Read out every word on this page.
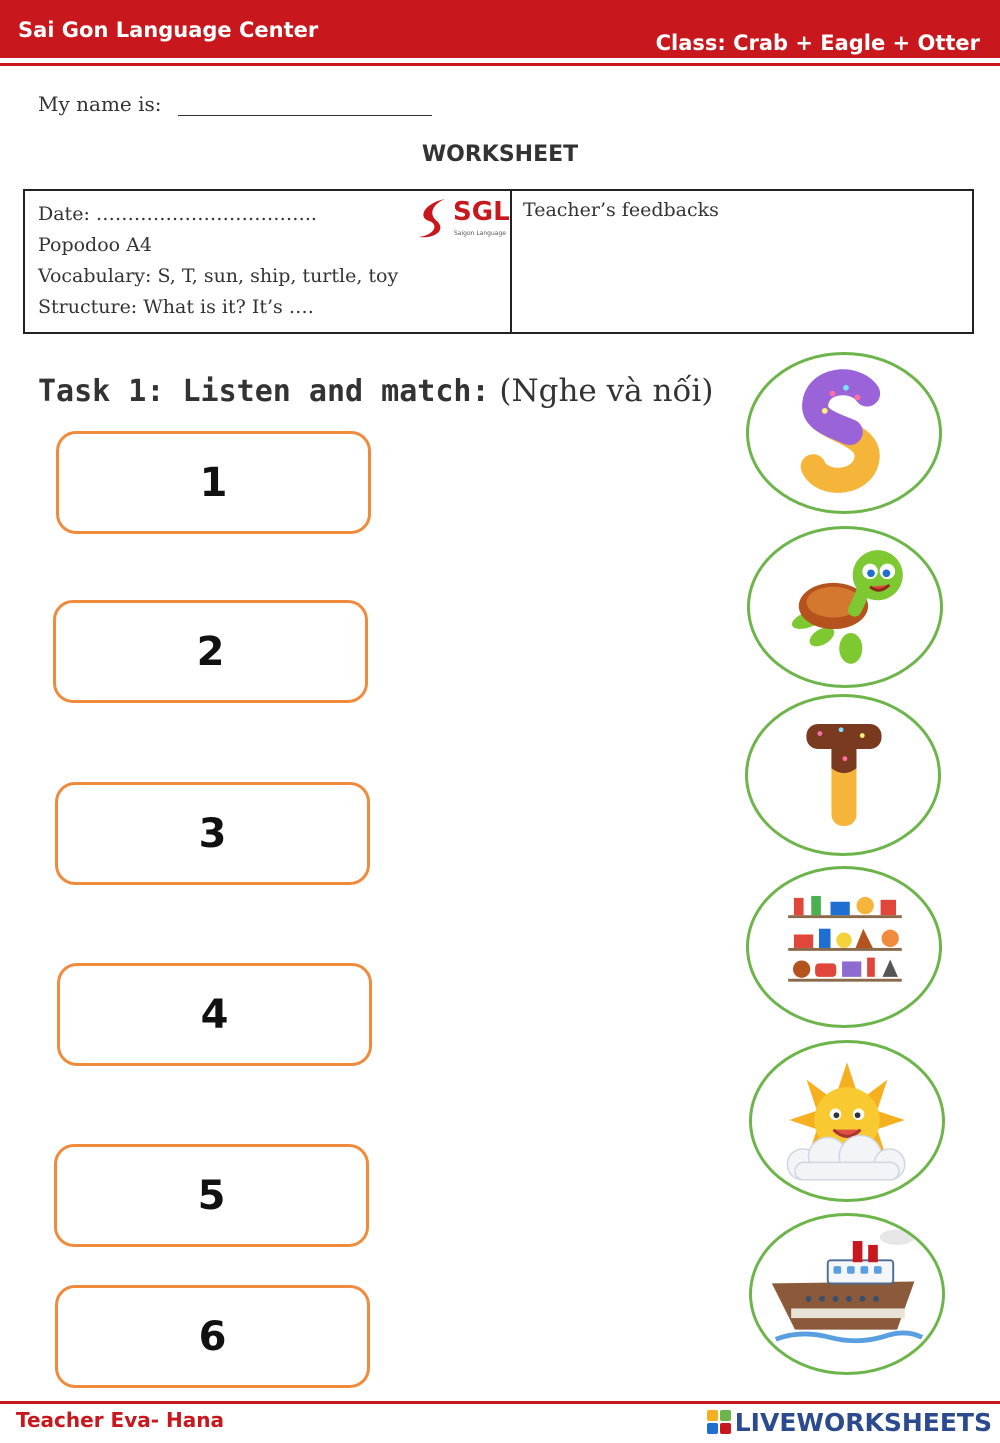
Sai Gon Language Center
Class: Crab + Eagle + Otter
My name is:
WORKSHEET
Date: ……………………………..
Popodoo A4
Vocabulary: S, T, sun, ship, turtle, toy
Structure: What is it? It’s ….
SGL
Saigon Language
Teacher’s feedbacks
Task 1: Listen and match: (Nghe và nối)
1
2
3
4
5
6
Teacher Eva- Hana	LIVEWORKSHEETS
